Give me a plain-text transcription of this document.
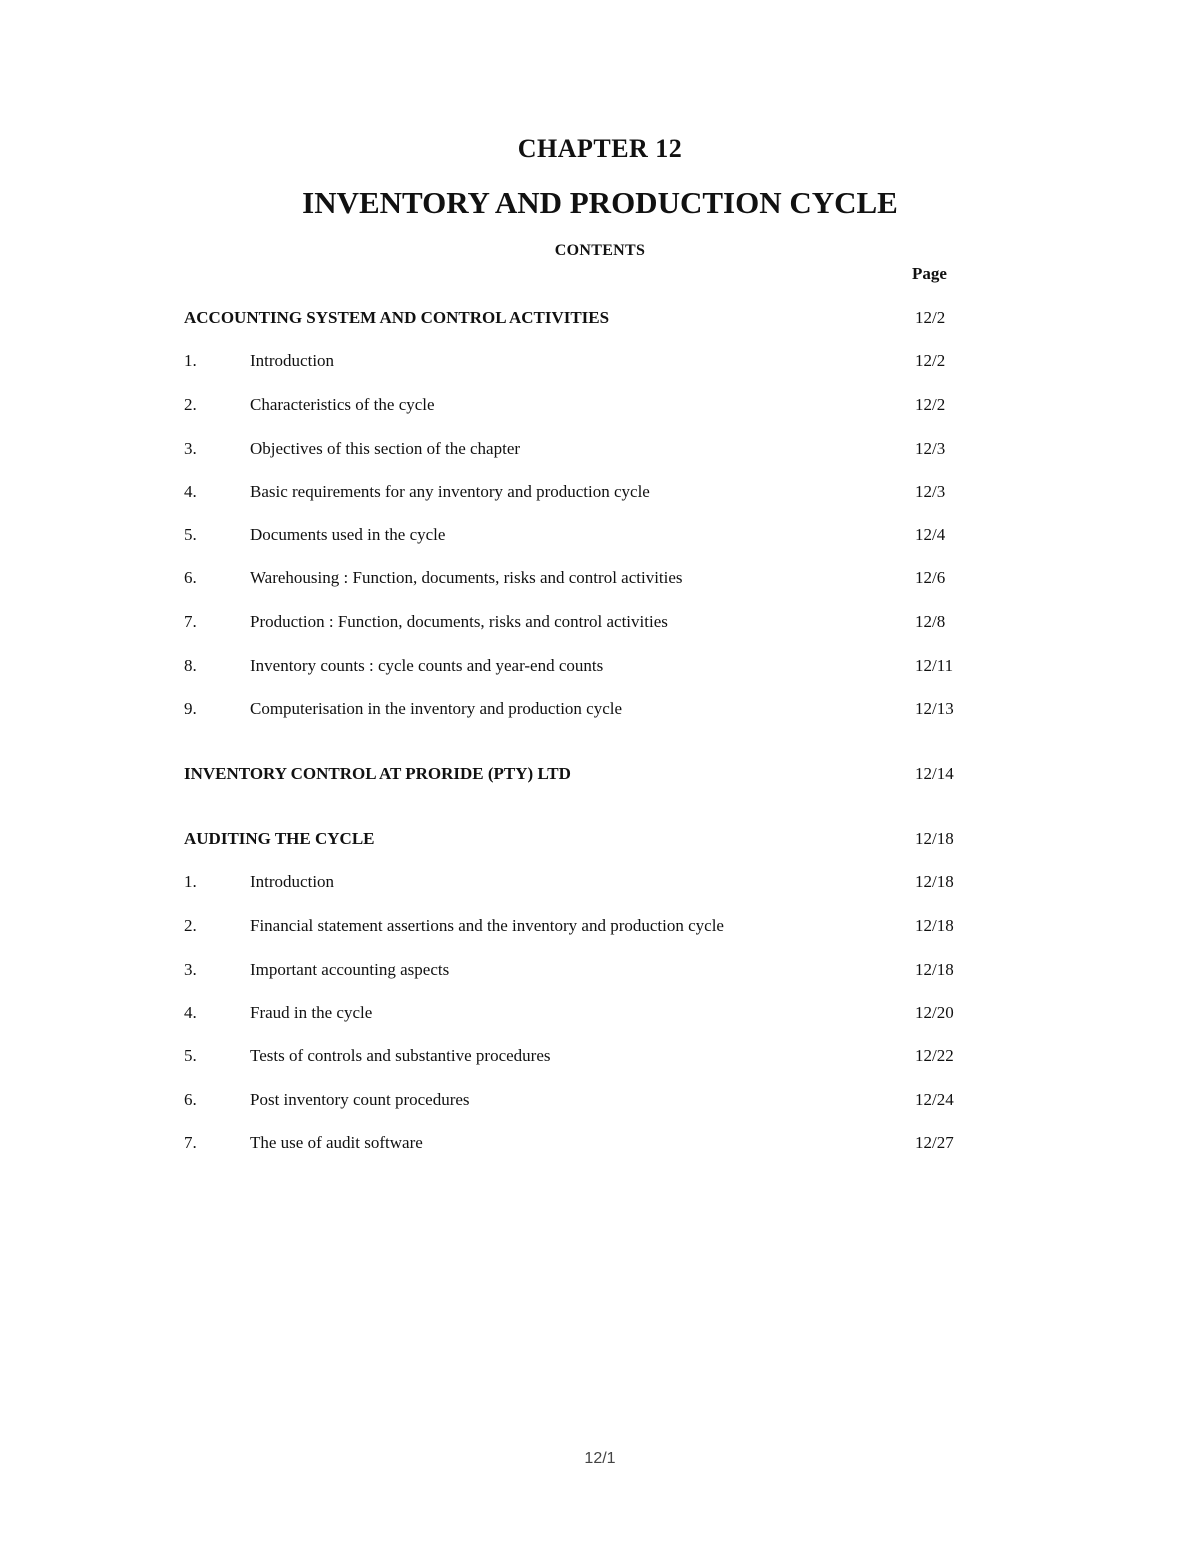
CHAPTER 12
INVENTORY AND PRODUCTION CYCLE
CONTENTS
Page
ACCOUNTING SYSTEM AND CONTROL ACTIVITIES	12/2
1.	Introduction	12/2
2.	Characteristics of the cycle	12/2
3.	Objectives of this section of the chapter	12/3
4.	Basic requirements for any inventory and production cycle	12/3
5.	Documents used in the cycle	12/4
6.	Warehousing : Function, documents, risks and control activities	12/6
7.	Production : Function, documents, risks and control activities	12/8
8.	Inventory counts : cycle counts and year-end counts	12/11
9.	Computerisation in the inventory and production cycle	12/13
INVENTORY CONTROL AT PRORIDE (PTY) LTD	12/14
AUDITING THE CYCLE	12/18
1.	Introduction	12/18
2.	Financial statement assertions and the inventory and production cycle	12/18
3.	Important accounting aspects	12/18
4.	Fraud in the cycle	12/20
5.	Tests of controls and substantive procedures	12/22
6.	Post inventory count procedures	12/24
7.	The use of audit software	12/27
12/1
